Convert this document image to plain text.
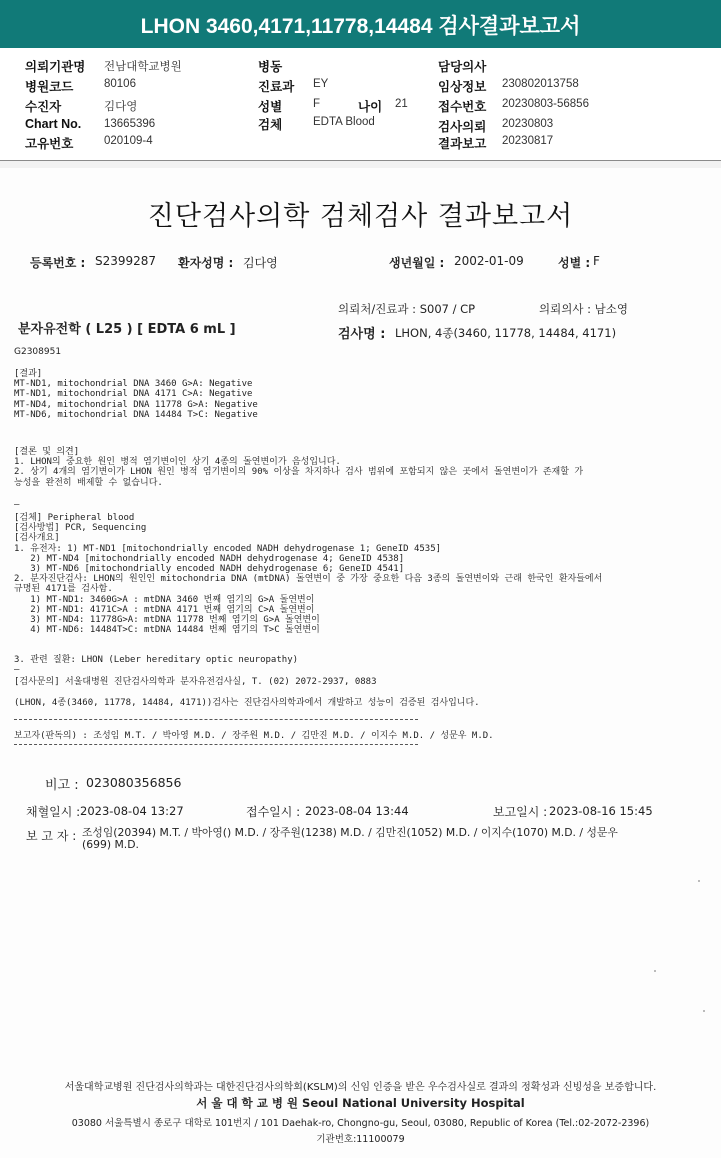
LHON 3460,4171,11778,14484 검사결과보고서
의뢰기관명 전남대학교병원
병원코드	80106
수진자	김다영
Chart No. 13665396
고유번호	020109-4
병동
진료과 EY
성별	F	나이 21
검체	EDTA Blood
담당의사
임상정보 230802013758
접수번호 20230803-56856
검사의뢰 20230803
결과보고 20230817
진단검사의학 검체검사 결과보고서
등록번호 : S2399287 환자성명 : 김다영	생년월일 : 2002-01-09	성별 : F
의뢰처/진료과 : S007 / CP	의뢰의사 : 남소영
분자유전학 ( L25 ) [ EDTA 6 mL ]	검사명 : LHON, 4종(3460, 11778, 14484, 4171)
G2308951
[결과]
MT-ND1, mitochondrial DNA 3460 G>A: Negative
MT-ND1, mitochondrial DNA 4171 C>A: Negative
MT-ND4, mitochondrial DNA 11778 G>A: Negative
MT-ND6, mitochondrial DNA 14484 T>C: Negative
[결론 및 의견]
1. LHON의 중요한 원인 병적 염기변이인 상기 4종의 돌연변이가 음성입니다.
2. 상기 4개의 염기변이가 LHON 원인 병적 염기변이의 90% 이상을 차지하나 검사 범위에 포함되지 않은 곳에서 돌연변이가 존재할 가
능성을 완전히 배제할 수 없습니다.
—
[검체] Peripheral blood
[검사방법] PCR, Sequencing
[검사개요]
1. 유전자: 1) MT-ND1 [mitochondrially encoded NADH dehydrogenase 1; GeneID 4535]
2) MT-ND4 [mitochondrially encoded NADH dehydrogenase 4; GeneID 4538]
3) MT-ND6 [mitochondrially encoded NADH dehydrogenase 6; GeneID 4541]
2. 분자진단검사: LHON의 원인인 mitochondria DNA (mtDNA) 돌연변이 중 가장 중요한 다음 3종의 돌연변이와 근래 한국인 환자들에서
규명된 4171를 검사함.
1) MT-ND1: 3460G>A : mtDNA 3460 번째 염기의 G>A 돌연변이
2) MT-ND1: 4171C>A : mtDNA 4171 번째 염기의 C>A 돌연변이
3) MT-ND4: 11778G>A: mtDNA 11778 번째 염기의 G>A 돌연변이
4) MT-ND6: 14484T>C: mtDNA 14484 번째 염기의 T>C 돌연변이
3. 관련 질환: LHON (Leber hereditary optic neuropathy)
—
[검사문의] 서울대병원 진단검사의학과 분자유전검사실, T. (02) 2072-2937, 0883
(LHON, 4종(3460, 11778, 14484, 4171))검사는 진단검사의학과에서 개발하고 성능이 검증된 검사입니다.
보고자(판독의) : 조성임 M.T. / 박아영 M.D. / 장주원 M.D. / 김만진 M.D. / 이지수 M.D. / 성문우 M.D.
비고 : 023080356856
채혈일시 : 2023-08-04 13:27	접수일시 : 2023-08-04 13:44	보고일시 : 2023-08-16 15:45
보 고 자 : 조성임(20394) M.T. / 박아영() M.D. / 장주원(1238) M.D. / 김만진(1052) M.D. / 이지수(1070) M.D. / 성문우
(699) M.D.
서울대학교병원 진단검사의학과는 대한진단검사의학회(KSLM)의 신임 인증을 받은 우수검사실로 결과의 정확성과 신빙성을 보증합니다.
서 울 대 학 교 병 원 Seoul National University Hospital
03080 서울특별시 종로구 대학로 101번지 / 101 Daehak-ro, Chongno-gu, Seoul, 03080, Republic of Korea (Tel.:02-2072-2396)
기관번호:11100079
